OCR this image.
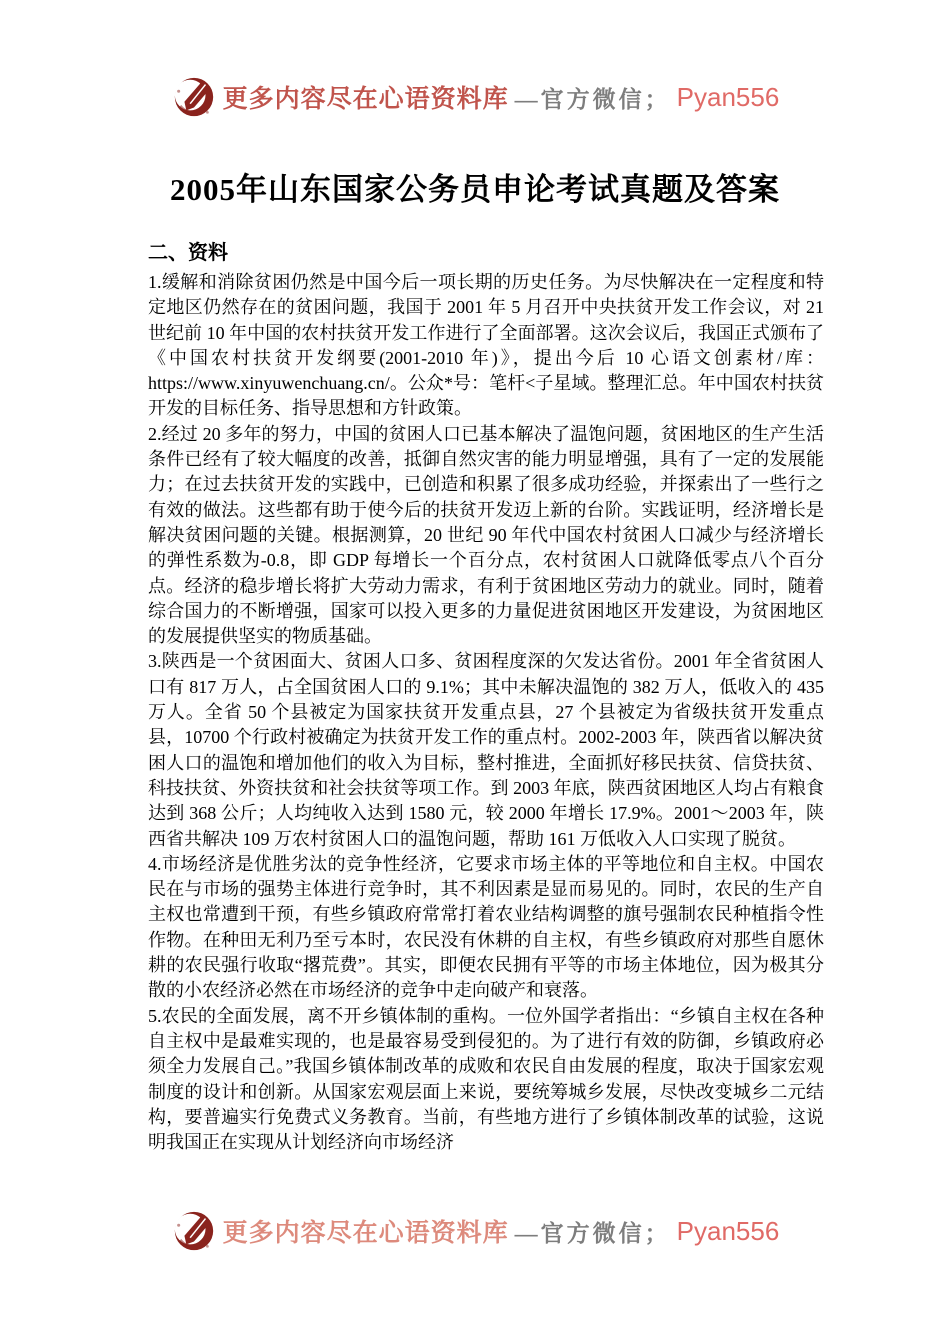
更多内容尽在心语资料库 —官方微信； Pyan556
2005年山东国家公务员申论考试真题及答案
二、资料

1.缓解和消除贫困仍然是中国今后一项长期的历史任务。为尽快解决在一定程度和特定地区仍然存在的贫困问题，我国于 2001 年 5 月召开中央扶贫开发工作会议，对 21 世纪前 10 年中国的农村扶贫开发工作进行了全面部署。这次会议后，我国正式颁布了《中国农村扶贫开发纲要(2001-2010 年)》，提出今后 10 心语文创素材/库： https://www.xinyuwenchuang.cn/。公众*号：笔杆<子星域。整理汇总。年中国农村扶贫开发的目标任务、指导思想和方针政策。

2.经过 20 多年的努力，中国的贫困人口已基本解决了温饱问题，贫困地区的生产生活条件已经有了较大幅度的改善，抵御自然灾害的能力明显增强，具有了一定的发展能力；在过去扶贫开发的实践中，已创造和积累了很多成功经验，并探索出了一些行之有效的做法。这些都有助于使今后的扶贫开发迈上新的台阶。实践证明，经济增长是解决贫困问题的关键。根据测算，20 世纪 90 年代中国农村贫困人口减少与经济增长的弹性系数为-0.8，即 GDP 每增长一个百分点，农村贫困人口就降低零点八个百分点。经济的稳步增长将扩大劳动力需求，有利于贫困地区劳动力的就业。同时，随着综合国力的不断增强，国家可以投入更多的力量促进贫困地区开发建设，为贫困地区的发展提供坚实的物质基础。

3.陕西是一个贫困面大、贫困人口多、贫困程度深的欠发达省份。2001 年全省贫困人口有 817 万人，占全国贫困人口的 9.1%；其中未解决温饱的 382 万人，低收入的 435 万人。全省 50 个县被定为国家扶贫开发重点县，27 个县被定为省级扶贫开发重点县，10700 个行政村被确定为扶贫开发工作的重点村。2002-2003 年，陕西省以解决贫困人口的温饱和增加他们的收入为目标，整村推进，全面抓好移民扶贫、信贷扶贫、科技扶贫、外资扶贫和社会扶贫等项工作。到 2003 年底，陕西贫困地区人均占有粮食达到 368 公斤；人均纯收入达到 1580 元，较 2000 年增长 17.9%。2001～2003 年，陕西省共解决 109 万农村贫困人口的温饱问题，帮助 161 万低收入人口实现了脱贫。

4.市场经济是优胜劣汰的竞争性经济，它要求市场主体的平等地位和自主权。中国农民在与市场的强势主体进行竞争时，其不利因素是显而易见的。同时，农民的生产自主权也常遭到干预，有些乡镇政府常常打着农业结构调整的旗号强制农民种植指令性作物。在种田无利乃至亏本时，农民没有休耕的自主权，有些乡镇政府对那些自愿休耕的农民强行收取“撂荒费”。其实，即便农民拥有平等的市场主体地位，因为极其分散的小农经济必然在市场经济的竞争中走向破产和衰落。

5.农民的全面发展，离不开乡镇体制的重构。一位外国学者指出：“乡镇自主权在各种自主权中是最难实现的，也是最容易受到侵犯的。为了进行有效的防御，乡镇政府必须全力发展自己。”我国乡镇体制改革的成败和农民自由发展的程度，取决于国家宏观制度的设计和创新。从国家宏观层面上来说，要统筹城乡发展，尽快改变城乡二元结构，要普遍实行免费式义务教育。当前，有些地方进行了乡镇体制改革的试验，这说明我国正在实现从计划经济向市场经济

更多内容尽在心语资料库 —官方微信； Pyan556
